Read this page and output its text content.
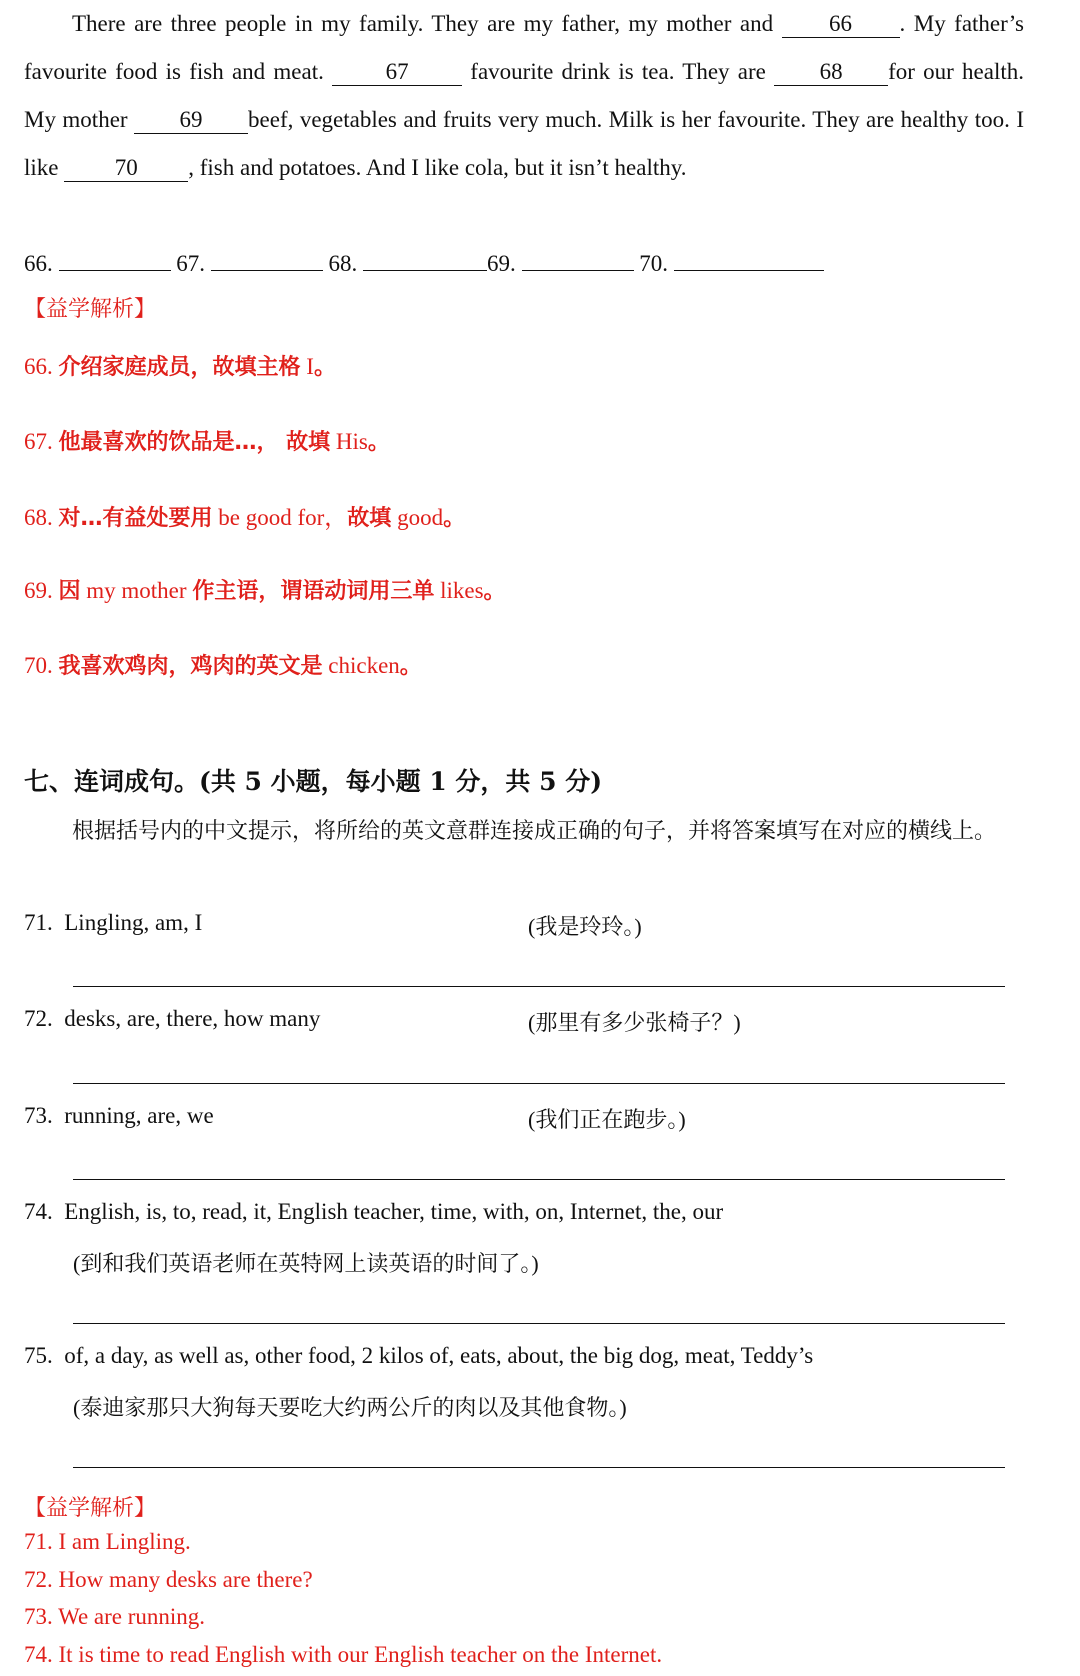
There are three people in my family. They are my father, my mother and 66 . My father’s favourite food is fish and meat. 67 favourite drink is tea. They are 68 for our health. My mother 69 beef, vegetables and fruits very much. Milk is her favourite. They are healthy too. I like 70 , fish and potatoes. And I like cola, but it isn’t healthy.

66.	67.	68.	69.	70.

【益学解析】

66. 介绍家庭成员，故填主格 I。

67. 他最喜欢的饮品是…， 故填 His。

68. 对…有益处要用 be good for，故填 good。

69. 因 my mother 作主语，谓语动词用三单 likes。

70. 我喜欢鸡肉，鸡肉的英文是 chicken。

七、连词成句。(共 5 小题，每小题 1 分，共 5 分)

根据括号内的中文提示，将所给的英文意群连接成正确的句子，并将答案填写在对应的横线上。

71. Lingling, am, I	(我是玲玲。)

72. desks, are, there, how many	(那里有多少张椅子？)

73. running, are, we	(我们正在跑步。)

74. English, is, to, read, it, English teacher, time, with, on, Internet, the, our

(到和我们英语老师在英特网上读英语的时间了。)

75. of, a day, as well as, other food, 2 kilos of, eats, about, the big dog, meat, Teddy’s

(泰迪家那只大狗每天要吃大约两公斤的肉以及其他食物。)

【益学解析】

71. I am Lingling.

72. How many desks are there?

73. We are running.

74. It is time to read English with our English teacher on the Internet.
